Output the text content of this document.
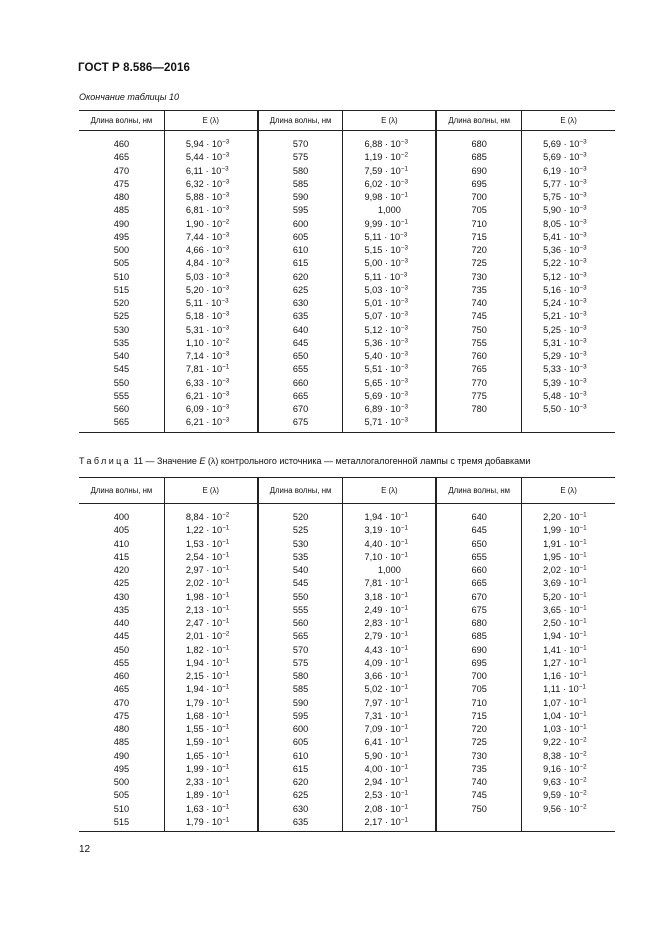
ГОСТ Р 8.586—2016
Окончание таблицы 10
Длина волны, нм	E (λ)	Длина волны, нм	E (λ)	Длина волны, нм	E (λ)
460	$5,94 \cdot 10^{-3}$	570	$6,88 \cdot 10^{-3}$	680	$5,69 \cdot 10^{-3}$
465	$5,44 \cdot 10^{-3}$	575	$1,19 \cdot 10^{-2}$	685	$5,69 \cdot 10^{-3}$
470	$6,11 \cdot 10^{-3}$	580	$7,59 \cdot 10^{-1}$	690	$6,19 \cdot 10^{-3}$
475	$6,32 \cdot 10^{-3}$	585	$6,02 \cdot 10^{-3}$	695	$5,77 \cdot 10^{-3}$
480	$5,88 \cdot 10^{-3}$	590	$9,98 \cdot 10^{-1}$	700	$5,75 \cdot 10^{-3}$
485	$6,81 \cdot 10^{-3}$	595	1,000	705	$5,90 \cdot 10^{-3}$
490	$1,90 \cdot 10^{-2}$	600	$9,99 \cdot 10^{-1}$	710	$8,05 \cdot 10^{-3}$
495	$7,44 \cdot 10^{-3}$	605	$5,11 \cdot 10^{-3}$	715	$5,41 \cdot 10^{-3}$
500	$4,66 \cdot 10^{-3}$	610	$5,15 \cdot 10^{-3}$	720	$5,36 \cdot 10^{-3}$
505	$4,84 \cdot 10^{-3}$	615	$5,00 \cdot 10^{-3}$	725	$5,22 \cdot 10^{-3}$
510	$5,03 \cdot 10^{-3}$	620	$5,11 \cdot 10^{-3}$	730	$5,12 \cdot 10^{-3}$
515	$5,20 \cdot 10^{-3}$	625	$5,03 \cdot 10^{-3}$	735	$5,16 \cdot 10^{-3}$
520	$5,11 \cdot 10^{-3}$	630	$5,01 \cdot 10^{-3}$	740	$5,24 \cdot 10^{-3}$
525	$5,18 \cdot 10^{-3}$	635	$5,07 \cdot 10^{-3}$	745	$5,21 \cdot 10^{-3}$
530	$5,31 \cdot 10^{-3}$	640	$5,12 \cdot 10^{-3}$	750	$5,25 \cdot 10^{-3}$
535	$1,10 \cdot 10^{-2}$	645	$5,36 \cdot 10^{-3}$	755	$5,31 \cdot 10^{-3}$
540	$7,14 \cdot 10^{-3}$	650	$5,40 \cdot 10^{-3}$	760	$5,29 \cdot 10^{-3}$
545	$7,81 \cdot 10^{-1}$	655	$5,51 \cdot 10^{-3}$	765	$5,33 \cdot 10^{-3}$
550	$6,33 \cdot 10^{-3}$	660	$5,65 \cdot 10^{-3}$	770	$5,39 \cdot 10^{-3}$
555	$6,21 \cdot 10^{-3}$	665	$5,69 \cdot 10^{-3}$	775	$5,48 \cdot 10^{-3}$
560	$6,09 \cdot 10^{-3}$	670	$6,89 \cdot 10^{-3}$	780	$5,50 \cdot 10^{-3}$
565	$6,21 \cdot 10^{-3}$	675	$5,71 \cdot 10^{-3}$		
Таблица 11 — Значение E (λ) контрольного источника — металлогалогенной лампы с тремя добавками
Длина волны, нм	E (λ)	Длина волны, нм	E (λ)	Длина волны, нм	E (λ)
400	$8,84 \cdot 10^{-2}$	520	$1,94 \cdot 10^{-1}$	640	$2,20 \cdot 10^{-1}$
405	$1,22 \cdot 10^{-1}$	525	$3,19 \cdot 10^{-1}$	645	$1,99 \cdot 10^{-1}$
410	$1,53 \cdot 10^{-1}$	530	$4,40 \cdot 10^{-1}$	650	$1,91 \cdot 10^{-1}$
415	$2,54 \cdot 10^{-1}$	535	$7,10 \cdot 10^{-1}$	655	$1,95 \cdot 10^{-1}$
420	$2,97 \cdot 10^{-1}$	540	1,000	660	$2,02 \cdot 10^{-1}$
425	$2,02 \cdot 10^{-1}$	545	$7,81 \cdot 10^{-1}$	665	$3,69 \cdot 10^{-1}$
430	$1,98 \cdot 10^{-1}$	550	$3,18 \cdot 10^{-1}$	670	$5,20 \cdot 10^{-1}$
435	$2,13 \cdot 10^{-1}$	555	$2,49 \cdot 10^{-1}$	675	$3,65 \cdot 10^{-1}$
440	$2,47 \cdot 10^{-1}$	560	$2,83 \cdot 10^{-1}$	680	$2,50 \cdot 10^{-1}$
445	$2,01 \cdot 10^{-2}$	565	$2,79 \cdot 10^{-1}$	685	$1,94 \cdot 10^{-1}$
450	$1,82 \cdot 10^{-1}$	570	$4,43 \cdot 10^{-1}$	690	$1,41 \cdot 10^{-1}$
455	$1,94 \cdot 10^{-1}$	575	$4,09 \cdot 10^{-1}$	695	$1,27 \cdot 10^{-1}$
460	$2,15 \cdot 10^{-1}$	580	$3,66 \cdot 10^{-1}$	700	$1,16 \cdot 10^{-1}$
465	$1,94 \cdot 10^{-1}$	585	$5,02 \cdot 10^{-1}$	705	$1,11 \cdot 10^{-1}$
470	$1,79 \cdot 10^{-1}$	590	$7,97 \cdot 10^{-1}$	710	$1,07 \cdot 10^{-1}$
475	$1,68 \cdot 10^{-1}$	595	$7,31 \cdot 10^{-1}$	715	$1,04 \cdot 10^{-1}$
480	$1,55 \cdot 10^{-1}$	600	$7,09 \cdot 10^{-1}$	720	$1,03 \cdot 10^{-1}$
485	$1,59 \cdot 10^{-1}$	605	$6,41 \cdot 10^{-1}$	725	$9,22 \cdot 10^{-2}$
490	$1,65 \cdot 10^{-1}$	610	$5,90 \cdot 10^{-1}$	730	$8,38 \cdot 10^{-2}$
495	$1,99 \cdot 10^{-1}$	615	$4,00 \cdot 10^{-1}$	735	$9,16 \cdot 10^{-2}$
500	$2,33 \cdot 10^{-1}$	620	$2,94 \cdot 10^{-1}$	740	$9,63 \cdot 10^{-2}$
505	$1,89 \cdot 10^{-1}$	625	$2,53 \cdot 10^{-1}$	745	$9,59 \cdot 10^{-2}$
510	$1,63 \cdot 10^{-1}$	630	$2,08 \cdot 10^{-1}$	750	$9,56 \cdot 10^{-2}$
515	$1,79 \cdot 10^{-1}$	635	$2,17 \cdot 10^{-1}$		
12
